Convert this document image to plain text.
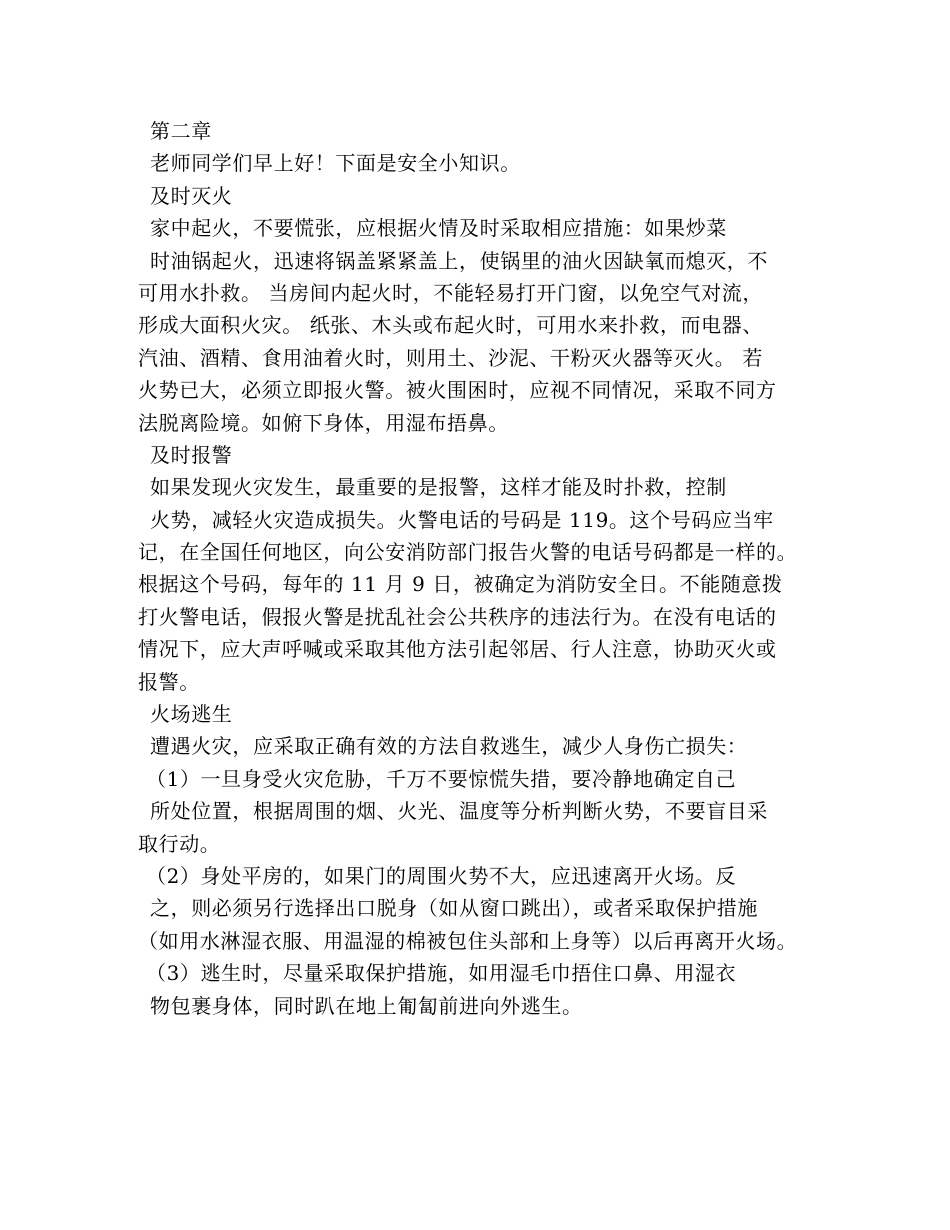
第二章
老师同学们早上好！下面是安全小知识。
及时灭火
家中起火，不要慌张，应根据火情及时采取相应措施：如果炒菜
时油锅起火，迅速将锅盖紧紧盖上，使锅里的油火因缺氧而熄灭，不
可用水扑救。 当房间内起火时，不能轻易打开门窗，以免空气对流，
形成大面积火灾。 纸张、木头或布起火时，可用水来扑救，而电器、
汽油、酒精、食用油着火时，则用土、沙泥、干粉灭火器等灭火。 若
火势已大，必须立即报火警。被火围困时，应视不同情况，采取不同方
法脱离险境。如俯下身体，用湿布捂鼻。
及时报警
如果发现火灾发生，最重要的是报警，这样才能及时扑救，控制
火势，减轻火灾造成损失。火警电话的号码是 119。这个号码应当牢
记，在全国任何地区，向公安消防部门报告火警的电话号码都是一样的。
根据这个号码，每年的 11 月 9 日，被确定为消防安全日。不能随意拨
打火警电话，假报火警是扰乱社会公共秩序的违法行为。在没有电话的
情况下，应大声呼喊或采取其他方法引起邻居、行人注意，协助灭火或
报警。
火场逃生
遭遇火灾，应采取正确有效的方法自救逃生，减少人身伤亡损失：
（1）一旦身受火灾危胁，千万不要惊慌失措，要冷静地确定自己
所处位置，根据周围的烟、火光、温度等分析判断火势，不要盲目采
取行动。
（2）身处平房的，如果门的周围火势不大，应迅速离开火场。反
之，则必须另行选择出口脱身（如从窗口跳出），或者采取保护措施
（如用水淋湿衣服、用温湿的棉被包住头部和上身等）以后再离开火场。
（3）逃生时，尽量采取保护措施，如用湿毛巾捂住口鼻、用湿衣
物包裹身体，同时趴在地上匍匐前进向外逃生。
